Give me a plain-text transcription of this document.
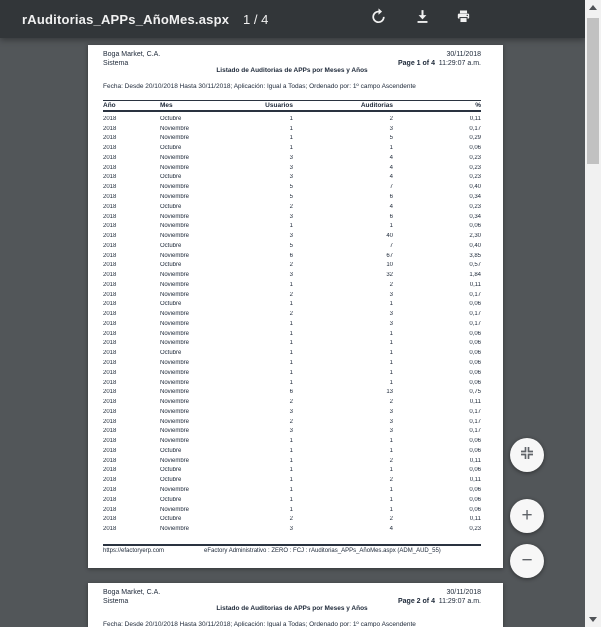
rAuditorias_APPs_AñoMes.aspx 1 / 4
Boga Market, C.A.	30/11/2018
Sistema	Page 1 of 4 11:29:07 a.m.
Listado de Auditorias de APPs por Meses y Años
Fecha: Desde 20/10/2018 Hasta 30/11/2018; Aplicación: Igual a Todas; Ordenado por: 1º campo Ascendente
Año	Mes	Usuarios	Auditorias	%
2018	Octubre	1	2	0,11
2018	Noviembre	1	3	0,17
2018	Noviembre	1	5	0,29
2018	Octubre	1	1	0,06
2018	Noviembre	3	4	0,23
2018	Noviembre	3	4	0,23
2018	Octubre	3	4	0,23
2018	Noviembre	5	7	0,40
2018	Noviembre	5	6	0,34
2018	Octubre	2	4	0,23
2018	Noviembre	3	6	0,34
2018	Noviembre	1	1	0,06
2018	Noviembre	3	40	2,30
2018	Octubre	5	7	0,40
2018	Noviembre	6	67	3,85
2018	Octubre	2	10	0,57
2018	Noviembre	3	32	1,84
2018	Noviembre	1	2	0,11
2018	Noviembre	2	3	0,17
2018	Octubre	1	1	0,06
2018	Noviembre	2	3	0,17
2018	Noviembre	1	3	0,17
2018	Noviembre	1	1	0,06
2018	Noviembre	1	1	0,06
2018	Octubre	1	1	0,06
2018	Noviembre	1	1	0,06
2018	Noviembre	1	1	0,06
2018	Noviembre	1	1	0,06
2018	Noviembre	6	13	0,75
2018	Noviembre	2	2	0,11
2018	Noviembre	3	3	0,17
2018	Noviembre	2	3	0,17
2018	Noviembre	3	3	0,17
2018	Noviembre	1	1	0,06
2018	Octubre	1	1	0,06
2018	Noviembre	1	2	0,11
2018	Octubre	1	1	0,06
2018	Octubre	1	2	0,11
2018	Noviembre	1	1	0,06
2018	Octubre	1	1	0,06
2018	Noviembre	1	1	0,06
2018	Octubre	2	2	0,11
2018	Noviembre	3	4	0,23
https://efactoryerp.com	eFactory Administrativo : ZERO : FCJ : rAuditorias_APPs_AñoMes.aspx (ADM_AUD_55)
Boga Market, C.A.	30/11/2018
Sistema	Page 2 of 4 11:29:07 a.m.
Listado de Auditorias de APPs por Meses y Años
Fecha: Desde 20/10/2018 Hasta 30/11/2018; Aplicación: Igual a Todas; Ordenado por: 1º campo Ascendente
+
−
